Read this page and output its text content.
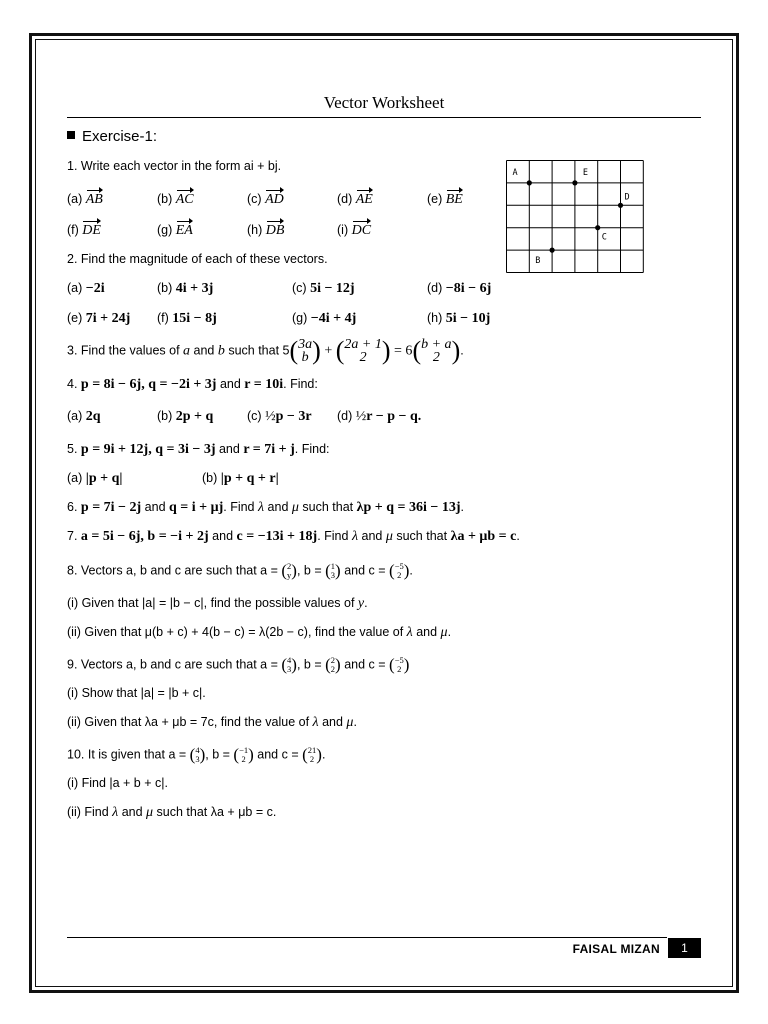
Vector Worksheet
Exercise-1:
1. Write each vector in the form ai + bj.
(a) AB	(b) AC	(c) AD	(d) AE	(e) BE
(f) DE	(g) EA	(h) DB	(i) DC
A	E
D
C
B
2. Find the magnitude of each of these vectors.
(a) −2i	(b) 4i + 3j	(c) 5i − 12j	(d) −8i − 6j
(e) 7i + 24j (f) 15i − 8j	(g) −4i + 4j	(h) 5i − 10j
3. Find the values of a and b such that 5(3a
b ) + (2a + 1
2 ) = 6(b + a
2 ).
4. p = 8i − 6j, q = −2i + 3j and r = 10i. Find:
(a) 2q	(b) 2p + q	(c) ½p − 3r (d) ½r − p − q.
5. p = 9i + 12j, q = 3i − 3j and r = 7i + j. Find:
(a) |p + q|	(b) |p + q + r|
6. p = 7i − 2j and q = i + μj. Find λ and μ such that λp + q = 36i − 13j.
7. a = 5i − 6j, b = −i + 2j and c = −13i + 18j. Find λ and μ such that λa + μb = c.
8. Vectors a, b and c are such that a = ( 2
y ), b = ( 1
3 ) and c = ( −5
2 ).
(i) Given that |a| = |b − c|, find the possible values of y.
(ii) Given that μ(b + c) + 4(b − c) = λ(2b − c), find the value of λ and μ.
9. Vectors a, b and c are such that a = ( 4
3 ), b = ( 2
2 ) and c = ( −5
2 )
(i) Show that |a| = |b + c|.
(ii) Given that λa + μb = 7c, find the value of λ and μ.
10. It is given that a = ( 4
3 ), b = ( −1
2 ) and c = ( 21
2 ).
(i) Find |a + b + c|.
(ii) Find λ and μ such that λa + μb = c.
FAISAL MIZAN	1
